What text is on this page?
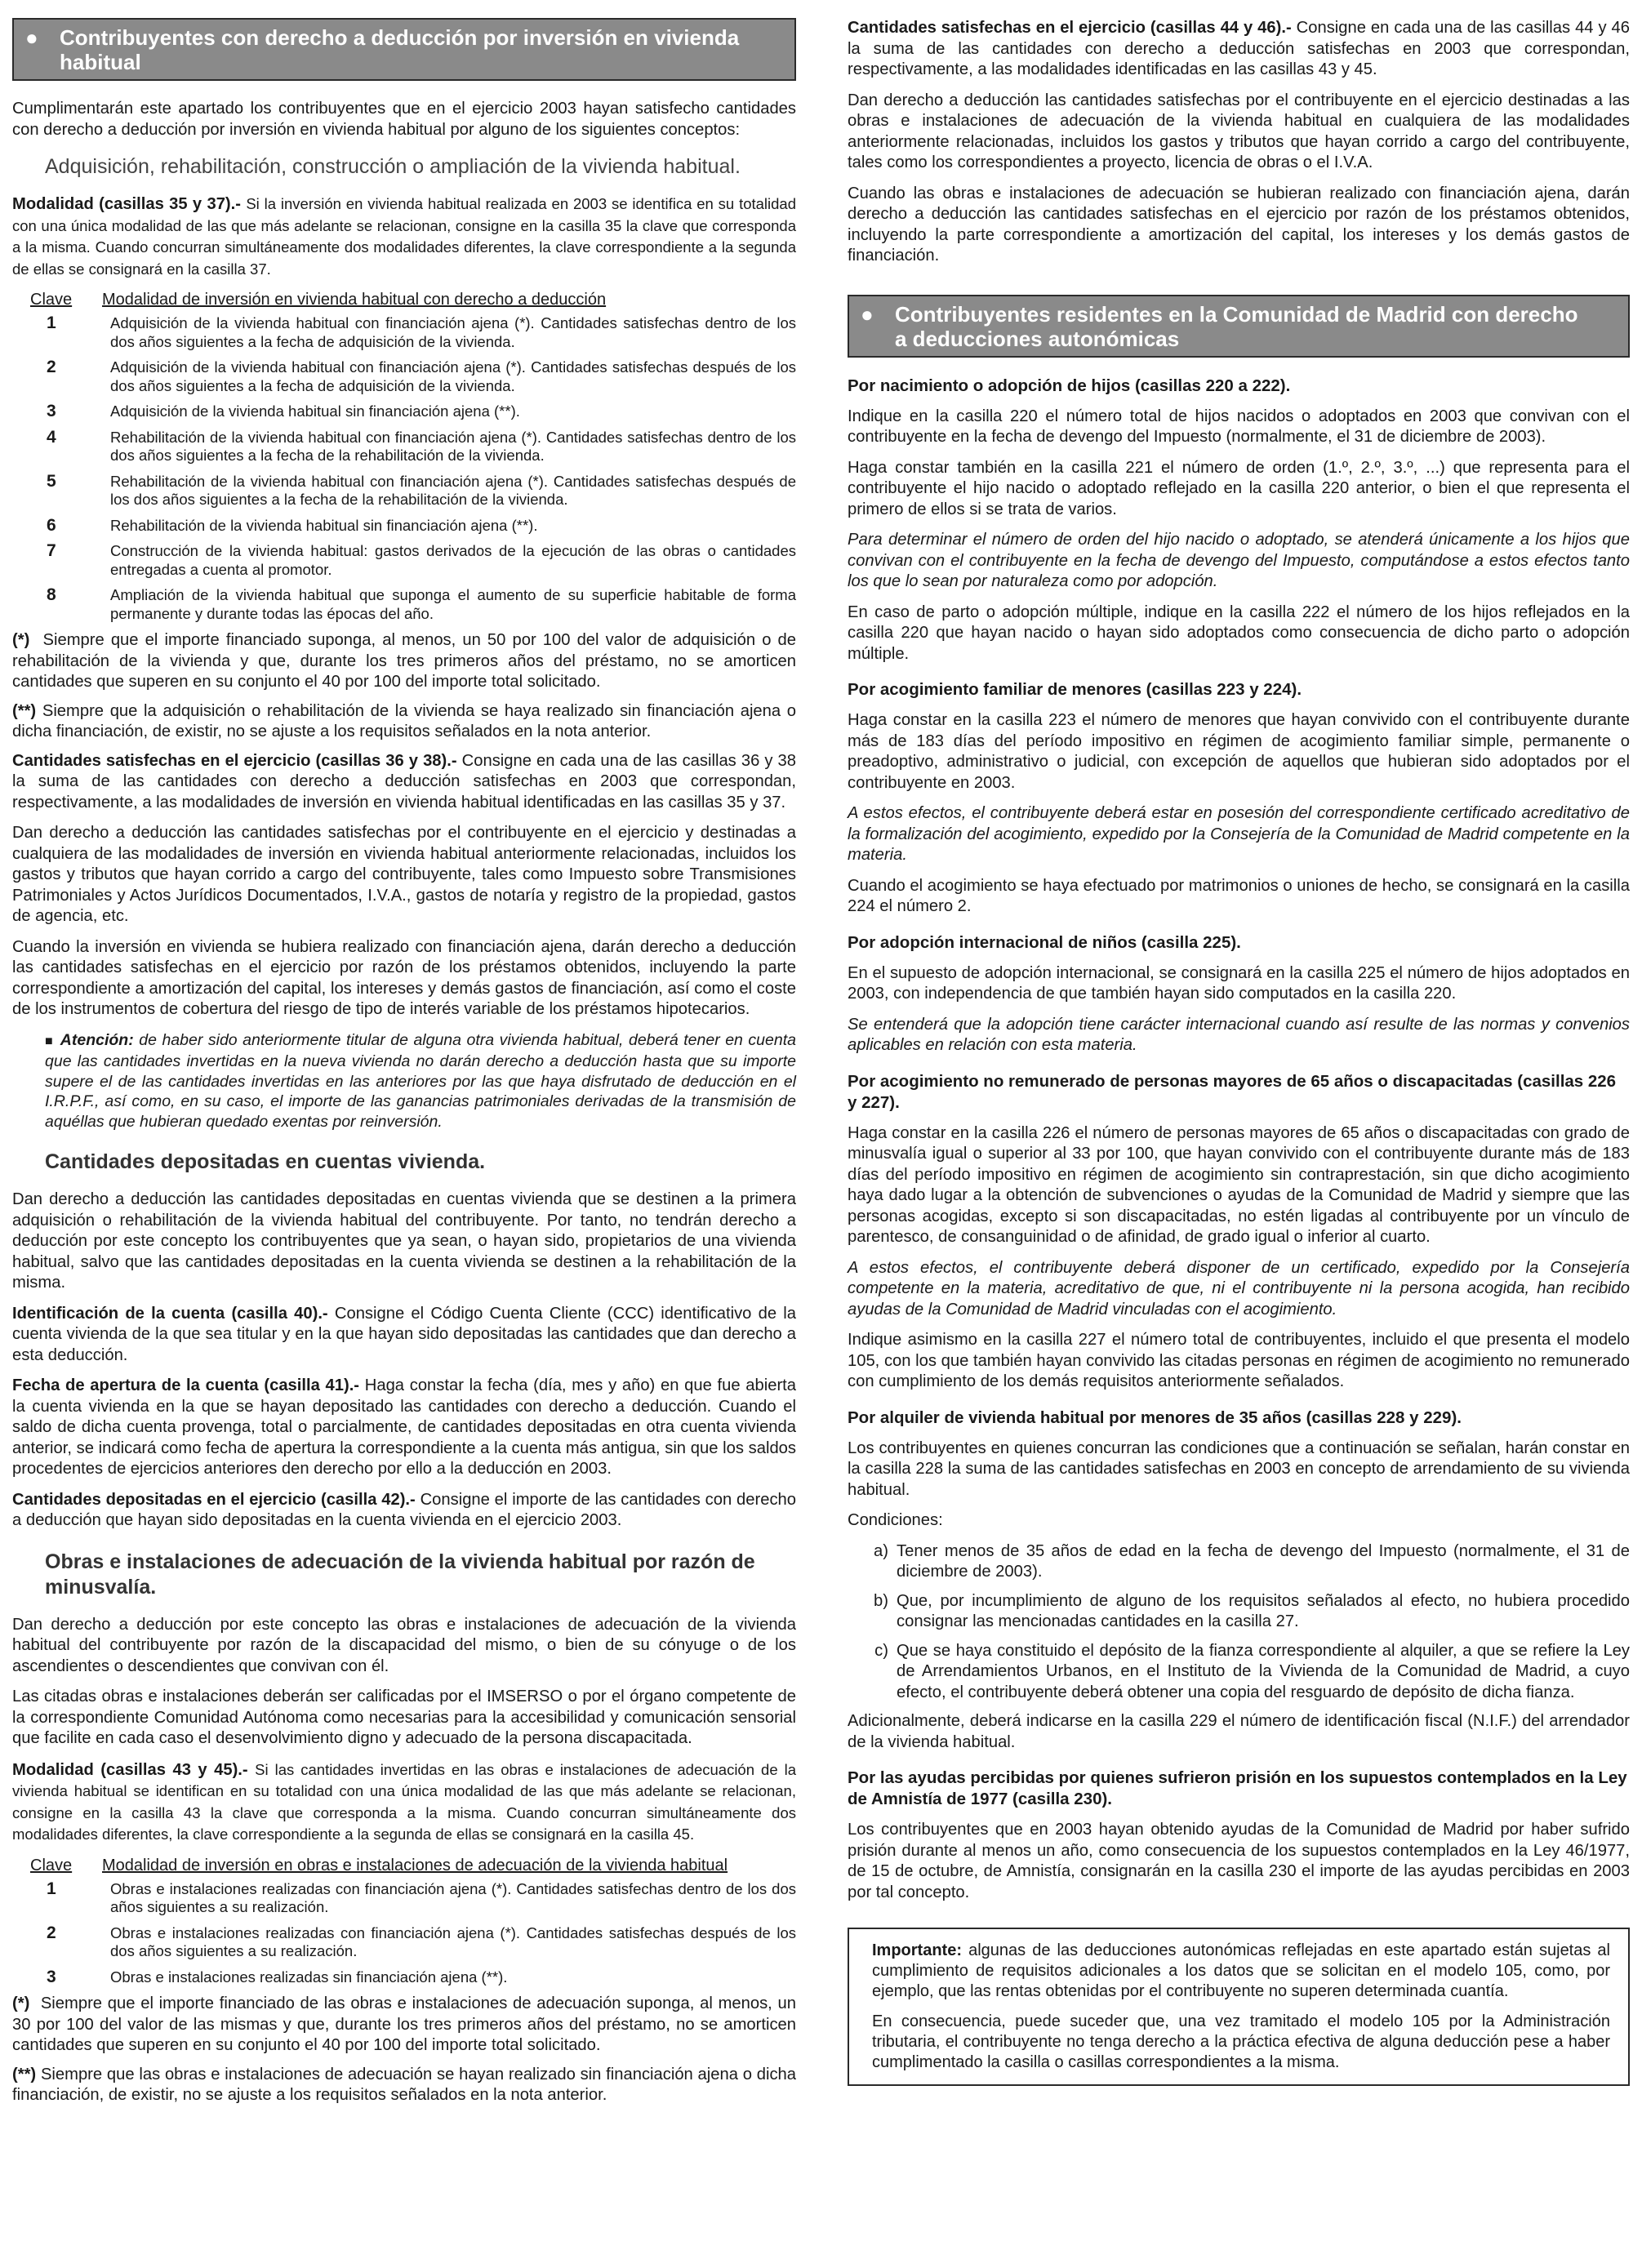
● Contribuyentes con derecho a deducción por inversión en vivienda
habitual

Cumplimentarán este apartado los contribuyentes que en el ejercicio 2003 hayan satisfecho cantidades con derecho a deducción por inversión en vivienda habitual por alguno de los siguientes conceptos:

Adquisición, rehabilitación, construcción o ampliación de la vivienda habitual.

Modalidad (casillas 35 y 37).- Si la inversión en vivienda habitual realizada en 2003 se identifica en su totalidad con una única modalidad de las que más adelante se relacionan, consigne en la casilla 35 la clave que corresponda a la misma. Cuando concurran simultáneamente dos modalidades diferentes, la clave correspondiente a la segunda de ellas se consignará en la casilla 37.

Clave Modalidad de inversión en vivienda habitual con derecho a deducción
1	Adquisición de la vivienda habitual con financiación ajena (*). Cantidades satisfechas dentro de los dos años siguientes a la fecha de adquisición de la vivienda.
2	Adquisición de la vivienda habitual con financiación ajena (*). Cantidades satisfechas después de los dos años siguientes a la fecha de adquisición de la vivienda.
3	Adquisición de la vivienda habitual sin financiación ajena (**).
4	Rehabilitación de la vivienda habitual con financiación ajena (*). Cantidades satisfechas dentro de los dos años siguientes a la fecha de la rehabilitación de la vivienda.
5	Rehabilitación de la vivienda habitual con financiación ajena (*). Cantidades satisfechas después de los dos años siguientes a la fecha de la rehabilitación de la vivienda.
6	Rehabilitación de la vivienda habitual sin financiación ajena (**).
7	Construcción de la vivienda habitual: gastos derivados de la ejecución de las obras o cantidades entregadas a cuenta al promotor.
8	Ampliación de la vivienda habitual que suponga el aumento de su superficie habitable de forma permanente y durante todas las épocas del año.

(*) Siempre que el importe financiado suponga, al menos, un 50 por 100 del valor de adquisición o de rehabilitación de la vivienda y que, durante los tres primeros años del préstamo, no se amorticen cantidades que superen en su conjunto el 40 por 100 del importe total solicitado.

(**) Siempre que la adquisición o rehabilitación de la vivienda se haya realizado sin financiación ajena o dicha financiación, de existir, no se ajuste a los requisitos señalados en la nota anterior.

Cantidades satisfechas en el ejercicio (casillas 36 y 38).- Consigne en cada una de las casillas 36 y 38 la suma de las cantidades con derecho a deducción satisfechas en 2003 que correspondan, respectivamente, a las modalidades de inversión en vivienda habitual identificadas en las casillas 35 y 37.

Dan derecho a deducción las cantidades satisfechas por el contribuyente en el ejercicio y destinadas a cualquiera de las modalidades de inversión en vivienda habitual anteriormente relacionadas, incluidos los gastos y tributos que hayan corrido a cargo del contribuyente, tales como Impuesto sobre Transmisiones Patrimoniales y Actos Jurídicos Documentados, I.V.A., gastos de notaría y registro de la propiedad, gastos de agencia, etc.

Cuando la inversión en vivienda se hubiera realizado con financiación ajena, darán derecho a deducción las cantidades satisfechas en el ejercicio por razón de los préstamos obtenidos, incluyendo la parte correspondiente a amortización del capital, los intereses y demás gastos de financiación, así como el coste de los instrumentos de cobertura del riesgo de tipo de interés variable de los préstamos hipotecarios.

■ Atención: de haber sido anteriormente titular de alguna otra vivienda habitual, deberá tener en cuenta que las cantidades invertidas en la nueva vivienda no darán derecho a deducción hasta que su importe supere el de las cantidades invertidas en las anteriores por las que haya disfrutado de deducción en el I.R.P.F., así como, en su caso, el importe de las ganancias patrimoniales derivadas de la transmisión de aquéllas que hubieran quedado exentas por reinversión.

Cantidades depositadas en cuentas vivienda.

Dan derecho a deducción las cantidades depositadas en cuentas vivienda que se destinen a la primera adquisición o rehabilitación de la vivienda habitual del contribuyente. Por tanto, no tendrán derecho a deducción por este concepto los contribuyentes que ya sean, o hayan sido, propietarios de una vivienda habitual, salvo que las cantidades depositadas en la cuenta vivienda se destinen a la rehabilitación de la misma.

Identificación de la cuenta (casilla 40).- Consigne el Código Cuenta Cliente (CCC) identificativo de la cuenta vivienda de la que sea titular y en la que hayan sido depositadas las cantidades que dan derecho a esta deducción.

Fecha de apertura de la cuenta (casilla 41).- Haga constar la fecha (día, mes y año) en que fue abierta la cuenta vivienda en la que se hayan depositado las cantidades con derecho a deducción. Cuando el saldo de dicha cuenta provenga, total o parcialmente, de cantidades depositadas en otra cuenta vivienda anterior, se indicará como fecha de apertura la correspondiente a la cuenta más antigua, sin que los saldos procedentes de ejercicios anteriores den derecho por ello a la deducción en 2003.

Cantidades depositadas en el ejercicio (casilla 42).- Consigne el importe de las cantidades con derecho a deducción que hayan sido depositadas en la cuenta vivienda en el ejercicio 2003.

Obras e instalaciones de adecuación de la vivienda habitual por razón de
minusvalía.

Dan derecho a deducción por este concepto las obras e instalaciones de adecuación de la vivienda habitual del contribuyente por razón de la discapacidad del mismo, o bien de su cónyuge o de los ascendientes o descendientes que convivan con él.

Las citadas obras e instalaciones deberán ser calificadas por el IMSERSO o por el órgano competente de la correspondiente Comunidad Autónoma como necesarias para la accesibilidad y comunicación sensorial que facilite en cada caso el desenvolvimiento digno y adecuado de la persona discapacitada.

Modalidad (casillas 43 y 45).- Si las cantidades invertidas en las obras e instalaciones de adecuación de la vivienda habitual se identifican en su totalidad con una única modalidad de las que más adelante se relacionan, consigne en la casilla 43 la clave que corresponda a la misma. Cuando concurran simultáneamente dos modalidades diferentes, la clave correspondiente a la segunda de ellas se consignará en la casilla 45.

Clave Modalidad de inversión en obras e instalaciones de adecuación de la vivienda habitual
1	Obras e instalaciones realizadas con financiación ajena (*). Cantidades satisfechas dentro de los dos años siguientes a su realización.
2	Obras e instalaciones realizadas con financiación ajena (*). Cantidades satisfechas después de los dos años siguientes a su realización.
3	Obras e instalaciones realizadas sin financiación ajena (**).

(*) Siempre que el importe financiado de las obras e instalaciones de adecuación suponga, al menos, un 30 por 100 del valor de las mismas y que, durante los tres primeros años del préstamo, no se amorticen cantidades que superen en su conjunto el 40 por 100 del importe total solicitado.

(**) Siempre que las obras e instalaciones de adecuación se hayan realizado sin financiación ajena o dicha financiación, de existir, no se ajuste a los requisitos señalados en la nota anterior.

Cantidades satisfechas en el ejercicio (casillas 44 y 46).- Consigne en cada una de las casillas 44 y 46 la suma de las cantidades con derecho a deducción satisfechas en 2003 que correspondan, respectivamente, a las modalidades identificadas en las casillas 43 y 45.

Dan derecho a deducción las cantidades satisfechas por el contribuyente en el ejercicio destinadas a las obras e instalaciones de adecuación de la vivienda habitual en cualquiera de las modalidades anteriormente relacionadas, incluidos los gastos y tributos que hayan corrido a cargo del contribuyente, tales como los correspondientes a proyecto, licencia de obras o el I.V.A.

Cuando las obras e instalaciones de adecuación se hubieran realizado con financiación ajena, darán derecho a deducción las cantidades satisfechas en el ejercicio por razón de los préstamos obtenidos, incluyendo la parte correspondiente a amortización del capital, los intereses y los demás gastos de financiación.

● Contribuyentes residentes en la Comunidad de Madrid con derecho
a deducciones autonómicas
Por nacimiento o adopción de hijos (casillas 220 a 222).

Indique en la casilla 220 el número total de hijos nacidos o adoptados en 2003 que convivan con el contribuyente en la fecha de devengo del Impuesto (normalmente, el 31 de diciembre de 2003).

Haga constar también en la casilla 221 el número de orden (1.º, 2.º, 3.º, ...) que representa para el contribuyente el hijo nacido o adoptado reflejado en la casilla 220 anterior, o bien el que representa el primero de ellos si se trata de varios.

Para determinar el número de orden del hijo nacido o adoptado, se atenderá únicamente a los hijos que convivan con el contribuyente en la fecha de devengo del Impuesto, computándose a estos efectos tanto los que lo sean por naturaleza como por adopción.

En caso de parto o adopción múltiple, indique en la casilla 222 el número de los hijos reflejados en la casilla 220 que hayan nacido o hayan sido adoptados como consecuencia de dicho parto o adopción múltiple.

Por acogimiento familiar de menores (casillas 223 y 224).

Haga constar en la casilla 223 el número de menores que hayan convivido con el contribuyente durante más de 183 días del período impositivo en régimen de acogimiento familiar simple, permanente o preadoptivo, administrativo o judicial, con excepción de aquellos que hubieran sido adoptados por el contribuyente en 2003.

A estos efectos, el contribuyente deberá estar en posesión del correspondiente certificado acreditativo de la formalización del acogimiento, expedido por la Consejería de la Comunidad de Madrid competente en la materia.

Cuando el acogimiento se haya efectuado por matrimonios o uniones de hecho, se consignará en la casilla 224 el número 2.

Por adopción internacional de niños (casilla 225).

En el supuesto de adopción internacional, se consignará en la casilla 225 el número de hijos adoptados en 2003, con independencia de que también hayan sido computados en la casilla 220.

Se entenderá que la adopción tiene carácter internacional cuando así resulte de las normas y convenios aplicables en relación con esta materia.

Por acogimiento no remunerado de personas mayores de 65 años o discapacitadas (casillas 226 y 227).

Haga constar en la casilla 226 el número de personas mayores de 65 años o discapacitadas con grado de minusvalía igual o superior al 33 por 100, que hayan convivido con el contribuyente durante más de 183 días del período impositivo en régimen de acogimiento sin contraprestación, sin que dicho acogimiento haya dado lugar a la obtención de subvenciones o ayudas de la Comunidad de Madrid y siempre que las personas acogidas, excepto si son discapacitadas, no estén ligadas al contribuyente por un vínculo de parentesco, de consanguinidad o de afinidad, de grado igual o inferior al cuarto.

A estos efectos, el contribuyente deberá disponer de un certificado, expedido por la Consejería competente en la materia, acreditativo de que, ni el contribuyente ni la persona acogida, han recibido ayudas de la Comunidad de Madrid vinculadas con el acogimiento.

Indique asimismo en la casilla 227 el número total de contribuyentes, incluido el que presenta el modelo 105, con los que también hayan convivido las citadas personas en régimen de acogimiento no remunerado con cumplimiento de los demás requisitos anteriormente señalados.

Por alquiler de vivienda habitual por menores de 35 años (casillas 228 y 229).

Los contribuyentes en quienes concurran las condiciones que a continuación se señalan, harán constar en la casilla 228 la suma de las cantidades satisfechas en 2003 en concepto de arrendamiento de su vivienda habitual.

Condiciones:

a) Tener menos de 35 años de edad en la fecha de devengo del Impuesto (normalmente, el 31 de diciembre de 2003).
b) Que, por incumplimiento de alguno de los requisitos señalados al efecto, no hubiera procedido consignar las mencionadas cantidades en la casilla 27.
c) Que se haya constituido el depósito de la fianza correspondiente al alquiler, a que se refiere la Ley de Arrendamientos Urbanos, en el Instituto de la Vivienda de la Comunidad de Madrid, a cuyo efecto, el contribuyente deberá obtener una copia del resguardo de depósito de dicha fianza.

Adicionalmente, deberá indicarse en la casilla 229 el número de identificación fiscal (N.I.F.) del arrendador de la vivienda habitual.

Por las ayudas percibidas por quienes sufrieron prisión en los supuestos contemplados en la Ley de Amnistía de 1977 (casilla 230).

Los contribuyentes que en 2003 hayan obtenido ayudas de la Comunidad de Madrid por haber sufrido prisión durante al menos un año, como consecuencia de los supuestos contemplados en la Ley 46/1977, de 15 de octubre, de Amnistía, consignarán en la casilla 230 el importe de las ayudas percibidas en 2003 por tal concepto.

Importante: algunas de las deducciones autonómicas reflejadas en este apartado están sujetas al cumplimiento de requisitos adicionales a los datos que se solicitan en el modelo 105, como, por ejemplo, que las rentas obtenidas por el contribuyente no superen determinada cuantía.

En consecuencia, puede suceder que, una vez tramitado el modelo 105 por la Administración tributaria, el contribuyente no tenga derecho a la práctica efectiva de alguna deducción pese a haber cumplimentado la casilla o casillas correspondientes a la misma.
